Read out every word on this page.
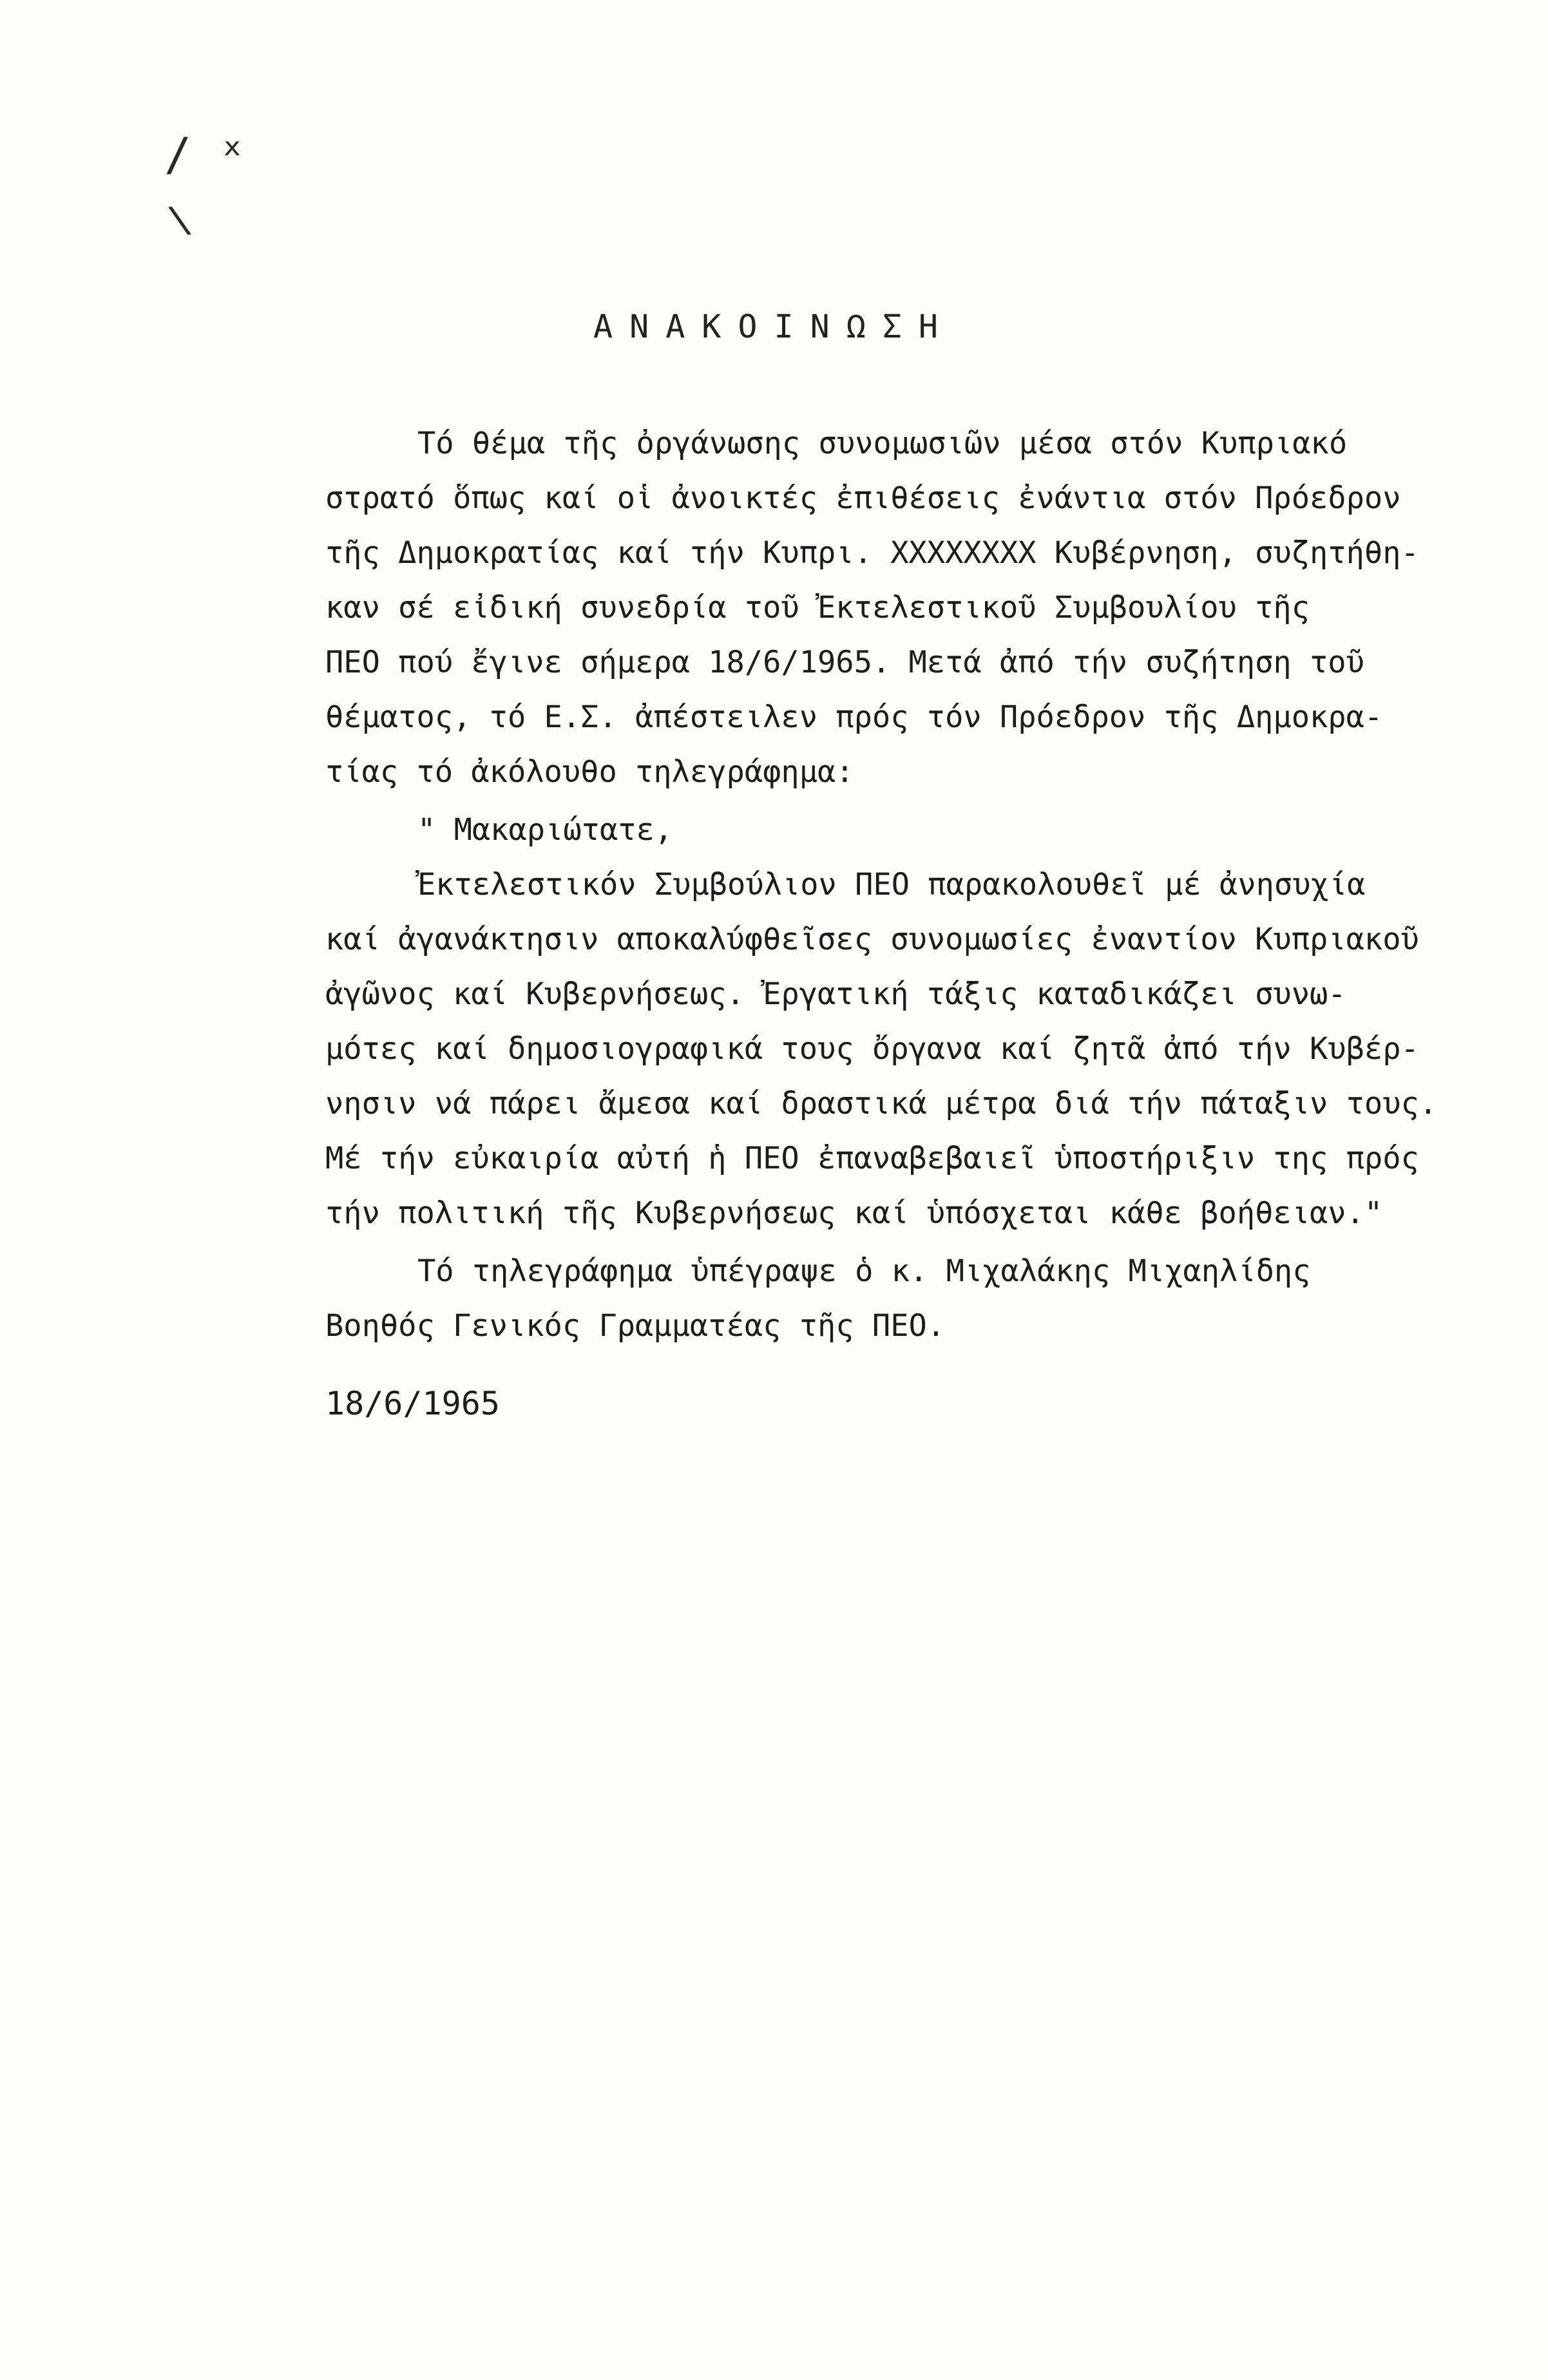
/ ˣ
\
ΑΝΑΚΟΙΝΩΣΗ
Τό θέμα τῆς ὀργάνωσης συνομωσιῶν μέσα στόν Κυπριακό
στρατό ὅπως καί οἱ ἀνοικτές ἐπιθέσεις ἐνάντια στόν Πρόεδρον
τῆς Δημοκρατίας καί τήν Κυπρι. ΧΧΧΧΧΧΧΧ Κυβέρνηση, συζητήθη-
καν σέ εἰδική συνεδρία τοῦ Ἐκτελεστικοῦ Συμβουλίου τῆς
ΠΕΟ πού ἔγινε σήμερα 18/6/1965. Μετά ἀπό τήν συζήτηση τοῦ
θέματος, τό Ε.Σ. ἀπέστειλεν πρός τόν Πρόεδρον τῆς Δημοκρα-
τίας τό ἀκόλουθο τηλεγράφημα:
" Μακαριώτατε,
Ἐκτελεστικόν Συμβούλιον ΠΕΟ παρακολουθεῖ μέ ἀνησυχία
καί ἀγανάκτησιν αποκαλύφθεῖσες συνομωσίες ἐναντίον Κυπριακοῦ
ἀγῶνος καί Κυβερνήσεως. Ἐργατική τάξις καταδικάζει συνω-
μότες καί δημοσιογραφικά τους ὄργανα καί ζητᾶ ἀπό τήν Κυβέρ-
νησιν νά πάρει ἄμεσα καί δραστικά μέτρα διά τήν πάταξιν τους.
Μέ τήν εὐκαιρία αὐτή ἡ ΠΕΟ ἐπαναβεβαιεῖ ὑποστήριξιν της πρός
τήν πολιτική τῆς Κυβερνήσεως καί ὑπόσχεται κάθε βοήθειαν."
Τό τηλεγράφημα ὑπέγραψε ὁ κ. Μιχαλάκης Μιχαηλίδης
Βοηθός Γενικός Γραμματέας τῆς ΠΕΟ.
18/6/1965
